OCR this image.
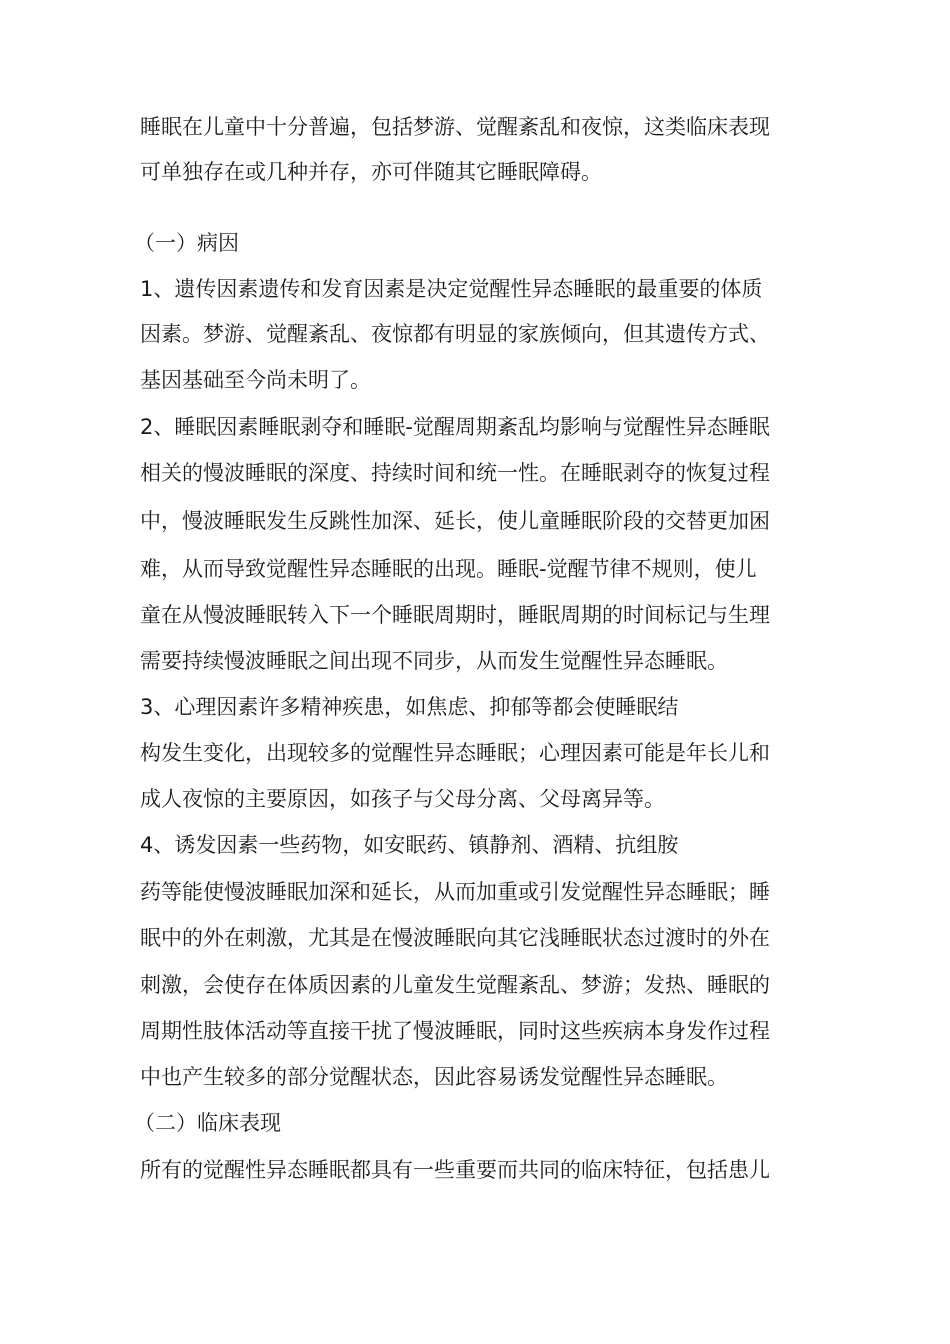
睡眠在儿童中十分普遍，包括梦游、觉醒紊乱和夜惊，这类临床表现

可单独存在或几种并存，亦可伴随其它睡眠障碍。

（一）病因

1、遗传因素遗传和发育因素是决定觉醒性异态睡眠的最重要的体质

因素。梦游、觉醒紊乱、夜惊都有明显的家族倾向，但其遗传方式、

基因基础至今尚未明了。

2、睡眠因素睡眠剥夺和睡眠-觉醒周期紊乱均影响与觉醒性异态睡眠

相关的慢波睡眠的深度、持续时间和统一性。在睡眠剥夺的恢复过程

中，慢波睡眠发生反跳性加深、延长，使儿童睡眠阶段的交替更加困

难，从而导致觉醒性异态睡眠的出现。睡眠-觉醒节律不规则，使儿

童在从慢波睡眠转入下一个睡眠周期时，睡眠周期的时间标记与生理

需要持续慢波睡眠之间出现不同步，从而发生觉醒性异态睡眠。

3、心理因素许多精神疾患，如焦虑、抑郁等都会使睡眠结

构发生变化，出现较多的觉醒性异态睡眠；心理因素可能是年长儿和

成人夜惊的主要原因，如孩子与父母分离、父母离异等。

4、诱发因素一些药物，如安眠药、镇静剂、酒精、抗组胺

药等能使慢波睡眠加深和延长，从而加重或引发觉醒性异态睡眠；睡

眠中的外在刺激，尤其是在慢波睡眠向其它浅睡眠状态过渡时的外在

刺激，会使存在体质因素的儿童发生觉醒紊乱、梦游；发热、睡眠的

周期性肢体活动等直接干扰了慢波睡眠，同时这些疾病本身发作过程

中也产生较多的部分觉醒状态，因此容易诱发觉醒性异态睡眠。

（二）临床表现

所有的觉醒性异态睡眠都具有一些重要而共同的临床特征，包括患儿
